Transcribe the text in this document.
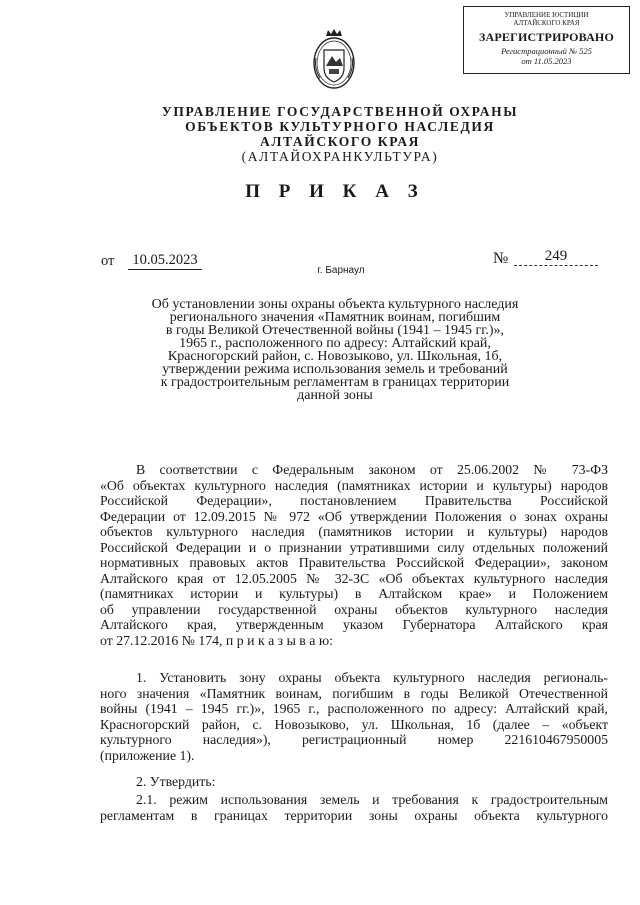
УПРАВЛЕНИЕ ЮСТИЦИИ
АЛТАЙСКОГО КРАЯ
ЗАРЕГИСТРИРОВАНО
Регистрационный № 525
от 11.05.2023
УПРАВЛЕНИЕ ГОСУДАРСТВЕННОЙ ОХРАНЫ
ОБЪЕКТОВ КУЛЬТУРНОГО НАСЛЕДИЯ
АЛТАЙСКОГО КРАЯ
(АЛТАЙОХРАНКУЛЬТУРА)
П Р И К А З
от	10.05.2023	№	249
г. Барнаул
Об установлении зоны охраны объекта культурного наследия
регионального значения «Памятник воинам, погибшим
в годы Великой Отечественной войны (1941 – 1945 гг.)»,
1965 г., расположенного по адресу: Алтайский край,
Красногорский район, с. Новозыково, ул. Школьная, 1б,
утверждении режима использования земель и требований
к градостроительным регламентам в границах территории
данной зоны
В соответствии с Федеральным законом от 25.06.2002 № 73-ФЗ
«Об объектах культурного наследия (памятниках истории и культуры) народов
Российской Федерации», постановлением Правительства Российской
Федерации от 12.09.2015 № 972 «Об утверждении Положения о зонах охраны
объектов культурного наследия (памятников истории и культуры) народов
Российской Федерации и о признании утратившими силу отдельных положений
нормативных правовых актов Правительства Российской Федерации», законом
Алтайского края от 12.05.2005 № 32-ЗС «Об объектах культурного наследия
(памятниках истории и культуры) в Алтайском крае» и Положением
об управлении государственной охраны объектов культурного наследия
Алтайского края, утвержденным указом Губернатора Алтайского края
от 27.12.2016 № 174, п р и к а з ы в а ю:
1. Установить зону охраны объекта культурного наследия региональ-
ного значения «Памятник воинам, погибшим в годы Великой Отечественной
войны (1941 – 1945 гг.)», 1965 г., расположенного по адресу: Алтайский край,
Красногорский район, с. Новозыково, ул. Школьная, 1б (далее – «объект
культурного наследия»), регистрационный номер 221610467950005
(приложение 1).
2. Утвердить:
2.1. режим использования земель и требования к градостроительным
регламентам в границах территории зоны охраны объекта культурного
